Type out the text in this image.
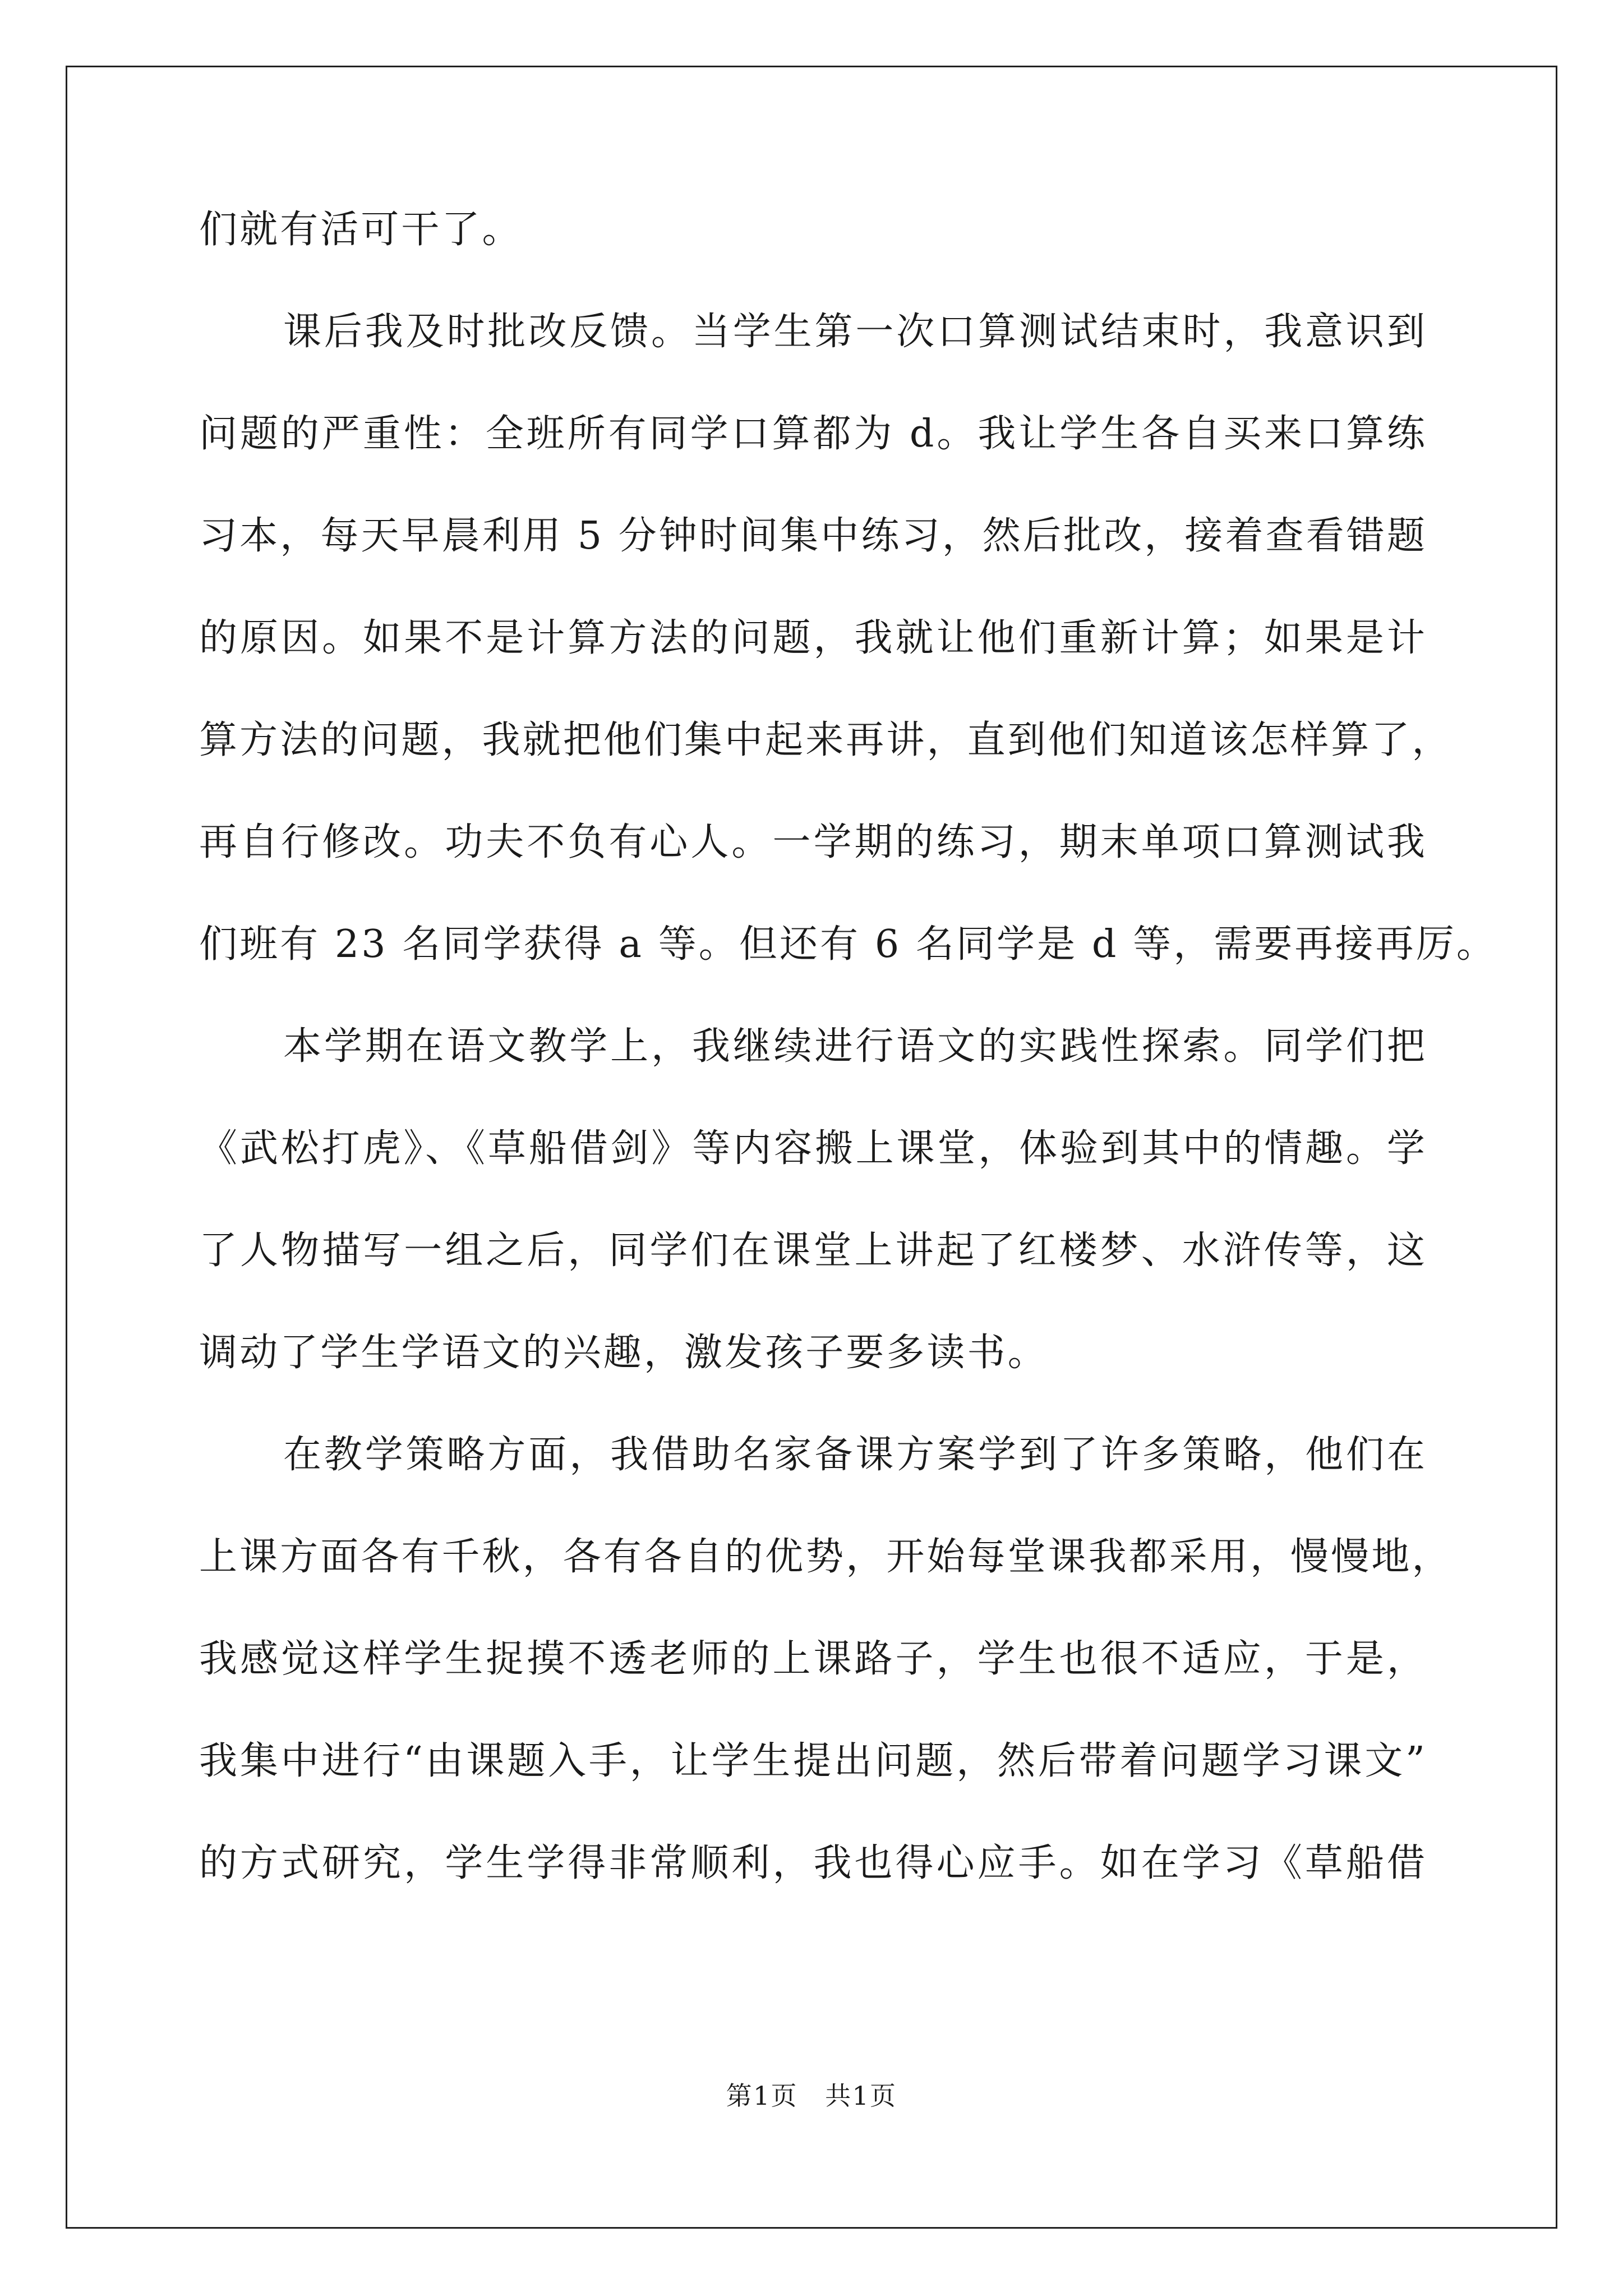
们就有活可干了。
课后我及时批改反馈。当学生第一次口算测试结束时，我意识到
问题的严重性：全班所有同学口算都为 d。我让学生各自买来口算练
习本，每天早晨利用 5 分钟时间集中练习，然后批改，接着查看错题
的原因。如果不是计算方法的问题，我就让他们重新计算；如果是计
算方法的问题，我就把他们集中起来再讲，直到他们知道该怎样算了，
再自行修改。功夫不负有心人。一学期的练习，期末单项口算测试我
们班有 23 名同学获得 a 等。但还有 6 名同学是 d 等，需要再接再厉。
本学期在语文教学上，我继续进行语文的实践性探索。同学们把
《武松打虎》、《草船借剑》等内容搬上课堂，体验到其中的情趣。学
了人物描写一组之后，同学们在课堂上讲起了红楼梦、水浒传等，这
调动了学生学语文的兴趣，激发孩子要多读书。
在教学策略方面，我借助名家备课方案学到了许多策略，他们在
上课方面各有千秋，各有各自的优势，开始每堂课我都采用，慢慢地，
我感觉这样学生捉摸不透老师的上课路子，学生也很不适应，于是，
我集中进行“由课题入手，让学生提出问题，然后带着问题学习课文”
的方式研究，学生学得非常顺利，我也得心应手。如在学习《草船借
第1页　共1页
